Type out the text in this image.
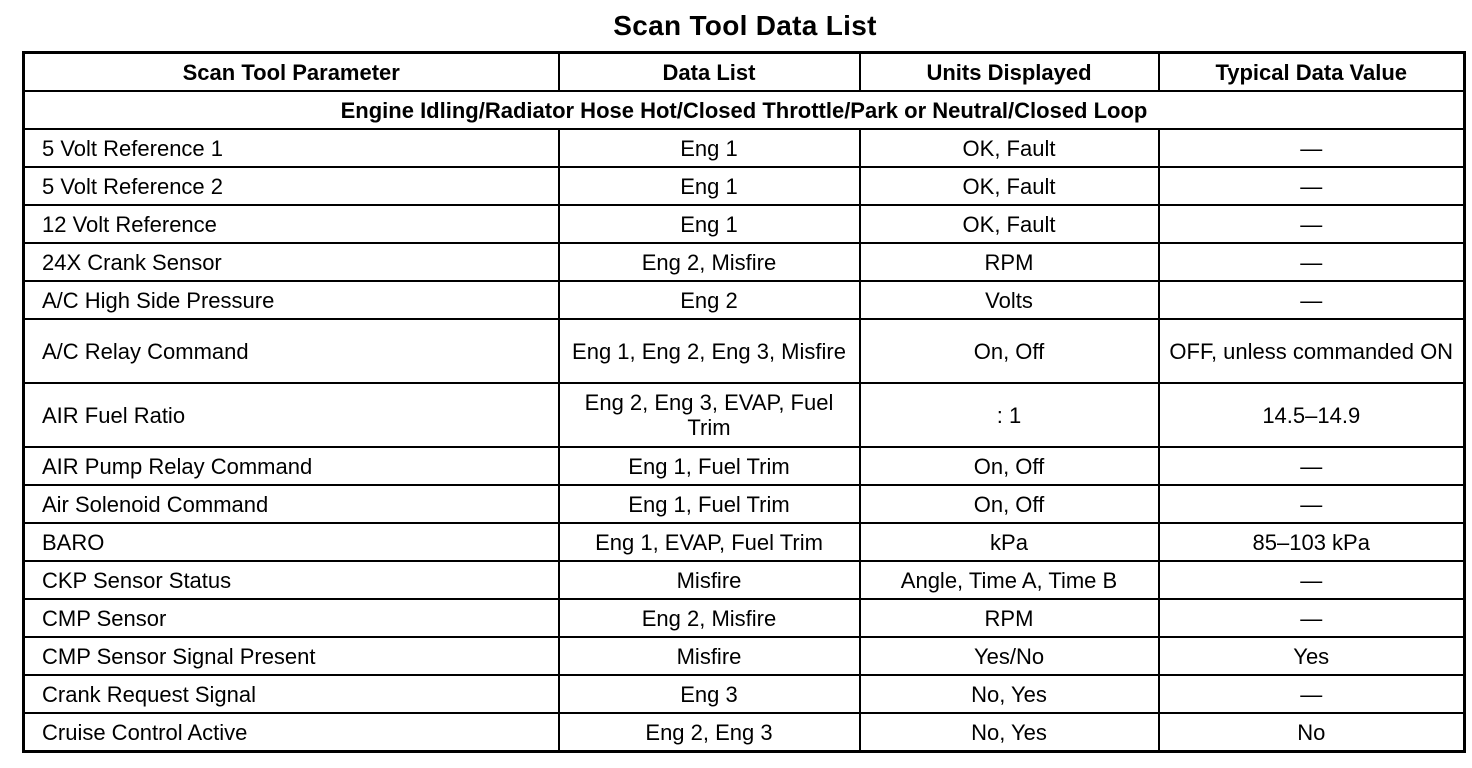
Scan Tool Data List
Scan Tool Parameter	Data List	Units Displayed	Typical Data Value
Engine Idling/Radiator Hose Hot/Closed Throttle/Park or Neutral/Closed Loop			
5 Volt Reference 1	Eng 1	OK, Fault	—
5 Volt Reference 2	Eng 1	OK, Fault	—
12 Volt Reference	Eng 1	OK, Fault	—
24X Crank Sensor	Eng 2, Misfire	RPM	—
A/C High Side Pressure	Eng 2	Volts	—
A/C Relay Command	Eng 1, Eng 2, Eng 3, Misfire	On, Off	OFF, unless commanded ON
AIR Fuel Ratio	Eng 2, Eng 3, EVAP, Fuel Trim	: 1	14.5–14.9
AIR Pump Relay Command	Eng 1, Fuel Trim	On, Off	—
Air Solenoid Command	Eng 1, Fuel Trim	On, Off	—
BARO	Eng 1, EVAP, Fuel Trim	kPa	85–103 kPa
CKP Sensor Status	Misfire	Angle, Time A, Time B	—
CMP Sensor	Eng 2, Misfire	RPM	—
CMP Sensor Signal Present	Misfire	Yes/No	Yes
Crank Request Signal	Eng 3	No, Yes	—
Cruise Control Active	Eng 2, Eng 3	No, Yes	No
